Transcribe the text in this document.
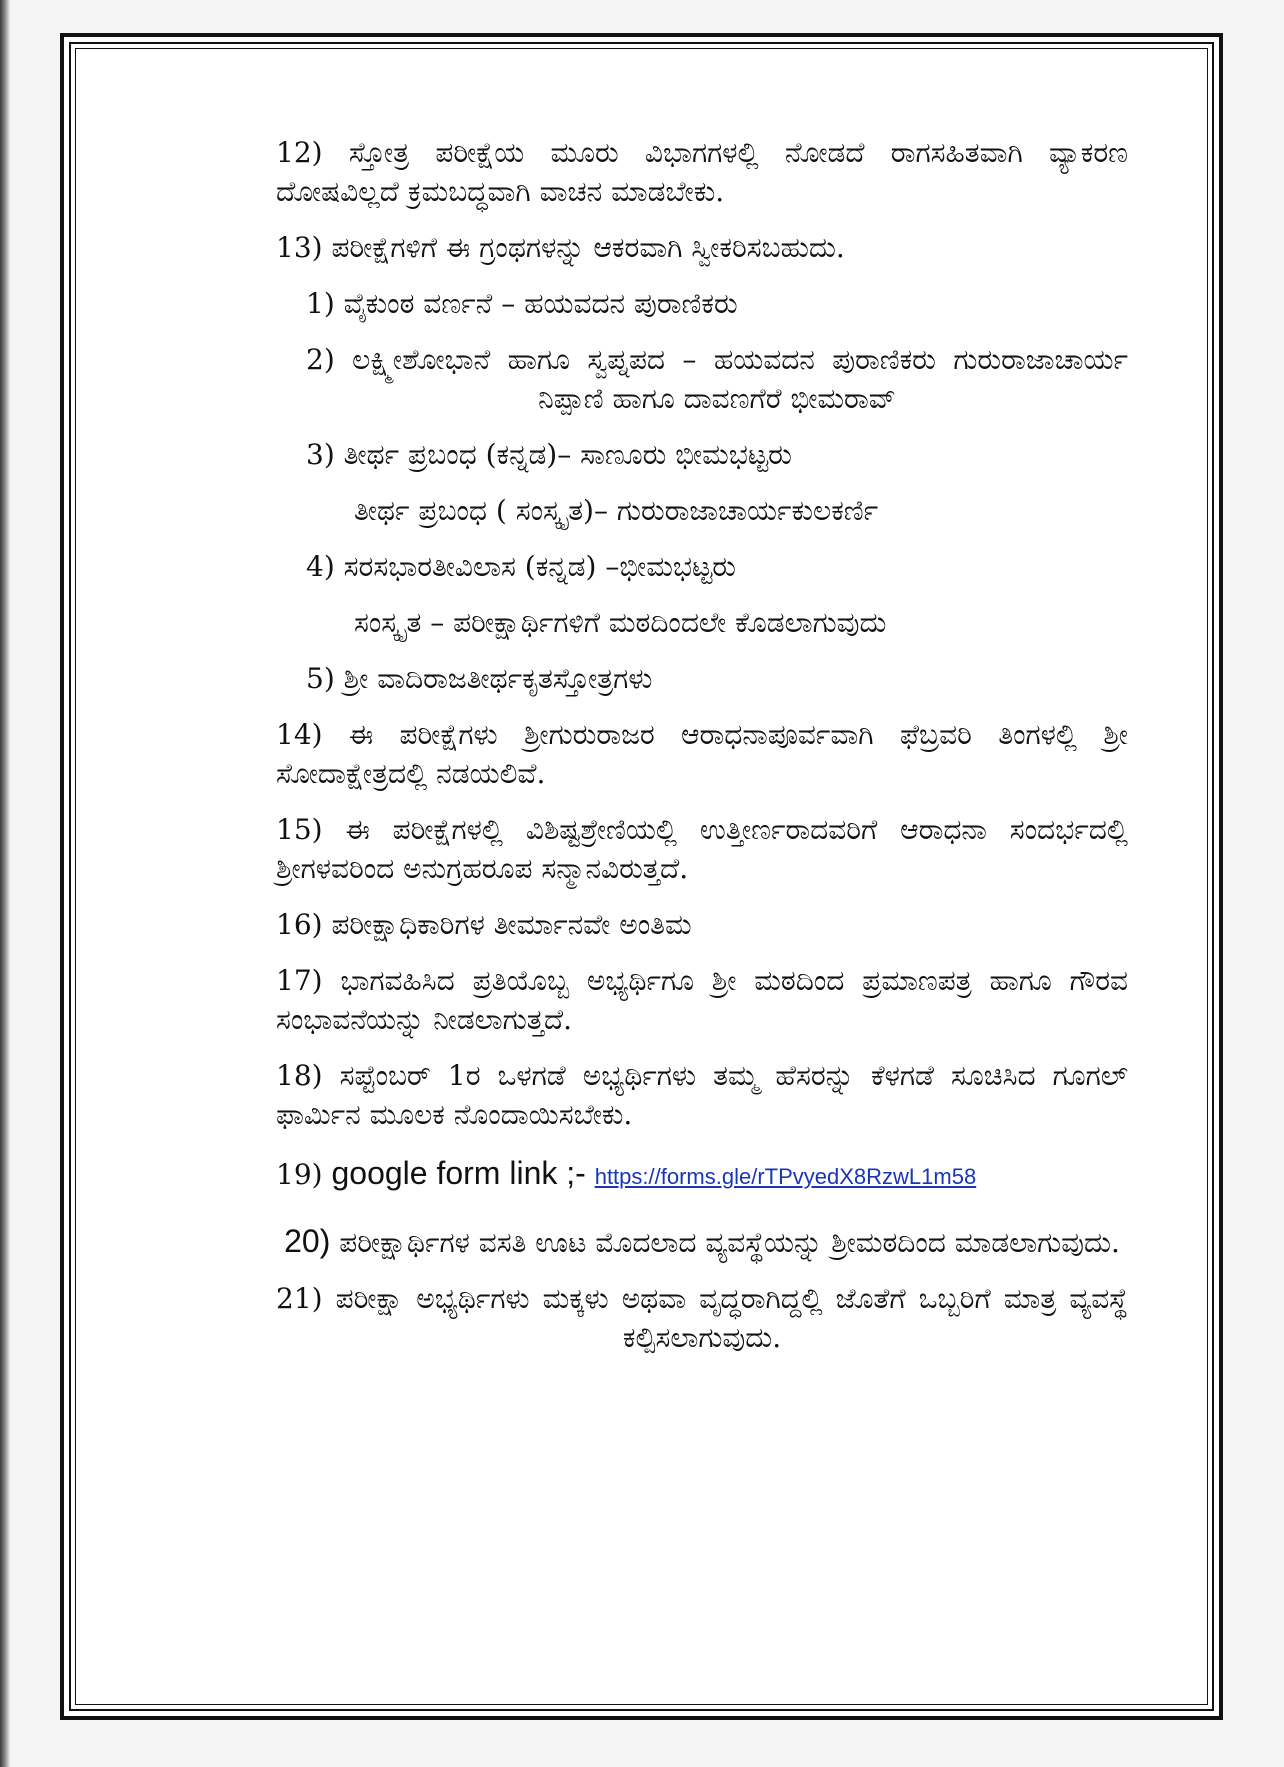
12) ಸ್ತೋತ್ರ ಪರೀಕ್ಷೆಯ ಮೂರು ವಿಭಾಗಗಳಲ್ಲಿ ನೋಡದೆ ರಾಗಸಹಿತವಾಗಿ ವ್ಯಾಕರಣ ದೋಷವಿಲ್ಲದೆ ಕ್ರಮಬದ್ಧವಾಗಿ ವಾಚನ ಮಾಡಬೇಕು.

13) ಪರೀಕ್ಷೆಗಳಿಗೆ ಈ ಗ್ರಂಥಗಳನ್ನು ಆಕರವಾಗಿ ಸ್ವೀಕರಿಸಬಹುದು.

1) ವೈಕುಂಠ ವರ್ಣನೆ – ಹಯವದನ ಪುರಾಣಿಕರು

2) ಲಕ್ಷ್ಮೀಶೋಭಾನೆ ಹಾಗೂ ಸ್ವಪ್ನಪದ – ಹಯವದನ ಪುರಾಣಿಕರು ಗುರುರಾಜಾಚಾರ್ಯ ನಿಪ್ಪಾಣಿ ಹಾಗೂ ದಾವಣಗೆರೆ ಭೀಮರಾವ್

3) ತೀರ್ಥ ಪ್ರಬಂಧ (ಕನ್ನಡ)– ಸಾಣೂರು ಭೀಮಭಟ್ಟರು

ತೀರ್ಥ ಪ್ರಬಂಧ ( ಸಂಸ್ಕೃತ)– ಗುರುರಾಜಾಚಾರ್ಯಕುಲಕರ್ಣಿ

4) ಸರಸಭಾರತೀವಿಲಾಸ (ಕನ್ನಡ) –ಭೀಮಭಟ್ಟರು

ಸಂಸ್ಕೃತ – ಪರೀಕ್ಷಾರ್ಥಿಗಳಿಗೆ ಮಠದಿಂದಲೇ ಕೊಡಲಾಗುವುದು

5) ಶ್ರೀ ವಾದಿರಾಜತೀರ್ಥಕೃತಸ್ತೋತ್ರಗಳು

14) ಈ ಪರೀಕ್ಷೆಗಳು ಶ್ರೀಗುರುರಾಜರ ಆರಾಧನಾಪೂರ್ವವಾಗಿ ಫೆಬ್ರವರಿ ತಿಂಗಳಲ್ಲಿ ಶ್ರೀ ಸೋದಾಕ್ಷೇತ್ರದಲ್ಲಿ ನಡಯಲಿವೆ.

15) ಈ ಪರೀಕ್ಷೆಗಳಲ್ಲಿ ವಿಶಿಷ್ಟಶ್ರೇಣಿಯಲ್ಲಿ ಉತ್ತೀರ್ಣರಾದವರಿಗೆ ಆರಾಧನಾ ಸಂದರ್ಭದಲ್ಲಿ ಶ್ರೀಗಳವರಿಂದ ಅನುಗ್ರಹರೂಪ ಸನ್ಮಾನವಿರುತ್ತದೆ.

16) ಪರೀಕ್ಷಾಧಿಕಾರಿಗಳ ತೀರ್ಮಾನವೇ ಅಂತಿಮ

17) ಭಾಗವಹಿಸಿದ ಪ್ರತಿಯೊಬ್ಬ ಅಭ್ಯರ್ಥಿಗೂ ಶ್ರೀ ಮಠದಿಂದ ಪ್ರಮಾಣಪತ್ರ ಹಾಗೂ ಗೌರವ ಸಂಭಾವನೆಯನ್ನು ನೀಡಲಾಗುತ್ತದೆ.

18) ಸಪ್ಟೆಂಬರ್ 1ರ ಒಳಗಡೆ ಅಭ್ಯರ್ಥಿಗಳು ತಮ್ಮ ಹೆಸರನ್ನು ಕೆಳಗಡೆ ಸೂಚಿಸಿದ ಗೂಗಲ್ ಫಾರ್ಮಿನ ಮೂಲಕ ನೊಂದಾಯಿಸಬೇಕು.

19) google form link ;- https://forms.gle/rTPvyedX8RzwL1m58

20) ಪರೀಕ್ಷಾರ್ಥಿಗಳ ವಸತಿ ಊಟ ಮೊದಲಾದ ವ್ಯವಸ್ಥೆಯನ್ನು ಶ್ರೀಮಠದಿಂದ ಮಾಡಲಾಗುವುದು.

21) ಪರೀಕ್ಷಾ ಅಭ್ಯರ್ಥಿಗಳು ಮಕ್ಕಳು ಅಥವಾ ವೃದ್ಧರಾಗಿದ್ದಲ್ಲಿ ಜೊತೆಗೆ ಒಬ್ಬರಿಗೆ ಮಾತ್ರ ವ್ಯವಸ್ಥೆ ಕಲ್ಪಿಸಲಾಗುವುದು.
